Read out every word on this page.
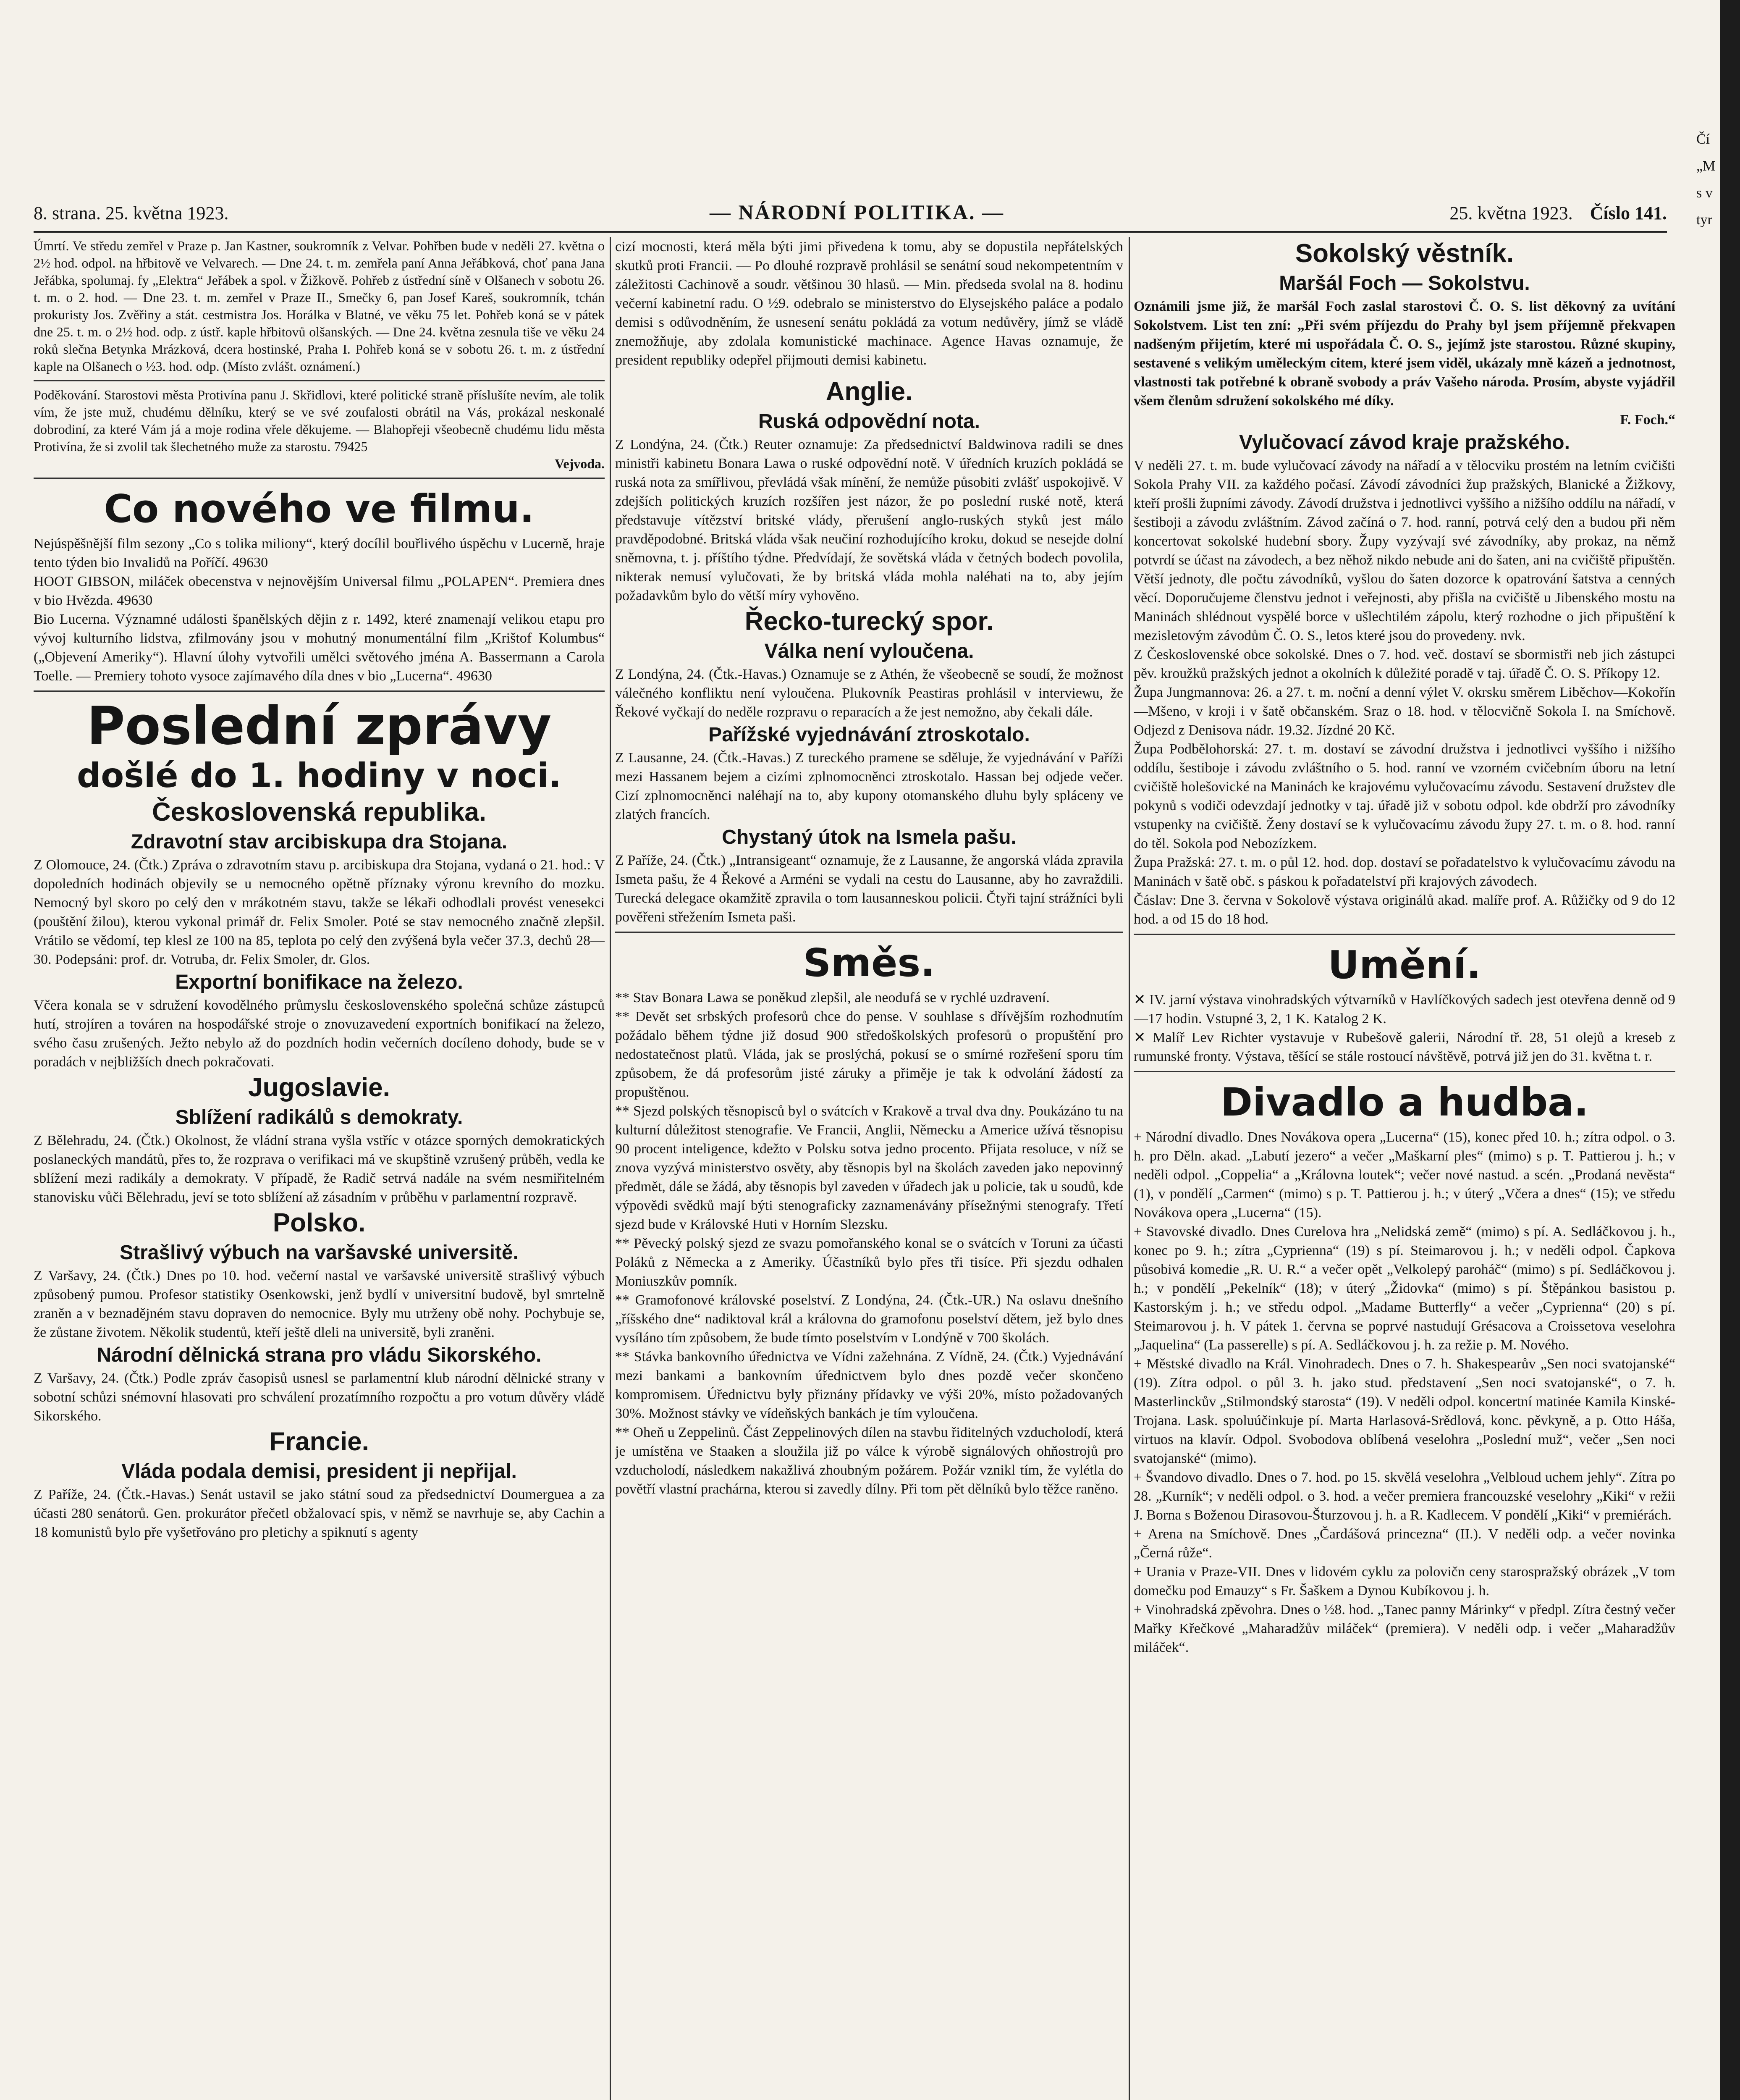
Čí „M s v tyr
8. strana. 25. května 1923.	— NÁRODNÍ POLITIKA. —	25. května 1923. Číslo 141.

Úmrtí. Ve středu zemřel v Praze p. Jan Kastner, soukromník z Velvar. Pohřben bude v neděli 27. května o 2½ hod. odpol. na hřbitově ve Velvarech. — Dne 24. t. m. zemřela paní Anna Jeřábková, choť pana Jana Jeřábka, spolumaj. fy „Elektra“ Jeřábek a spol. v Žižkově. Pohřeb z ústřední síně v Olšanech v sobotu 26. t. m. o 2. hod. — Dne 23. t. m. zemřel v Praze II., Smečky 6, pan Josef Kareš, soukromník, tchán prokuristy Jos. Zvěřiny a stát. cestmistra Jos. Horálka v Blatné, ve věku 75 let. Pohřeb koná se v pátek dne 25. t. m. o 2½ hod. odp. z ústř. kaple hřbitovů olšanských. — Dne 24. května zesnula tiše ve věku 24 roků slečna Betynka Mrázková, dcera hostinské, Praha I. Pohřeb koná se v sobotu 26. t. m. z ústřední kaple na Olšanech o ½3. hod. odp. (Místo zvlášt. oznámení.)

Poděkování. Starostovi města Protivína panu J. Skřidlovi, které politické straně příslušíte nevím, ale tolik vím, že jste muž, chudému dělníku, který se ve své zoufalosti obrátil na Vás, prokázal neskonalé dobrodiní, za které Vám já a moje rodina vřele děkujeme. — Blahopřeji všeobecně chudému lidu města Protivína, že si zvolil tak šlechetného muže za starostu. 79425

Vejvoda.

Co nového ve filmu.

Nejúspěšnější film sezony „Co s tolika miliony“, který docílil bouřlivého úspěchu v Lucerně, hraje tento týden bio Invalidů na Poříčí. 49630

HOOT GIBSON, miláček obecenstva v nejnovějším Universal filmu „POLAPEN“. Premiera dnes v bio Hvězda. 49630

Bio Lucerna. Významné události španělských dějin z r. 1492, které znamenají velikou etapu pro vývoj kulturního lidstva, zfilmovány jsou v mohutný monumentální film „Krištof Kolumbus“ („Objevení Ameriky“). Hlavní úlohy vytvořili umělci světového jména A. Bassermann a Carola Toelle. — Premiery tohoto vysoce zajímavého díla dnes v bio „Lucerna“. 49630

Poslední zprávy
došlé do 1. hodiny v noci.
Československá republika.
Zdravotní stav arcibiskupa dra Stojana.

Z Olomouce, 24. (Čtk.) Zpráva o zdravotním stavu p. arcibiskupa dra Stojana, vydaná o 21. hod.: V dopoledních hodinách objevily se u nemocného opětně příznaky výronu krevního do mozku. Nemocný byl skoro po celý den v mrákotném stavu, takže se lékaři odhodlali provést venesekci (pouštění žilou), kterou vykonal primář dr. Felix Smoler. Poté se stav nemocného značně zlepšil. Vrátilo se vědomí, tep klesl ze 100 na 85, teplota po celý den zvýšená byla večer 37.3, dechů 28—30. Podepsáni: prof. dr. Votruba, dr. Felix Smoler, dr. Glos.

Exportní bonifikace na železo.

Včera konala se v sdružení kovodělného průmyslu československého společná schůze zástupců hutí, strojíren a továren na hospodářské stroje o znovuzavedení exportních bonifikací na železo, svého času zrušených. Ježto nebylo až do pozdních hodin večerních docíleno dohody, bude se v poradách v nejbližších dnech pokračovati.

Jugoslavie.
Sblížení radikálů s demokraty.

Z Bělehradu, 24. (Čtk.) Okolnost, že vládní strana vyšla vstříc v otázce sporných demokratických poslaneckých mandátů, přes to, že rozprava o verifikaci má ve skupštině vzrušený průběh, vedla ke sblížení mezi radikály a demokraty. V případě, že Radič setrvá nadále na svém nesmiřitelném stanovisku vůči Bělehradu, jeví se toto sblížení až zásadním v průběhu v parlamentní rozpravě.

Polsko.
Strašlivý výbuch na varšavské universitě.

Z Varšavy, 24. (Čtk.) Dnes po 10. hod. večerní nastal ve varšavské universitě strašlivý výbuch způsobený pumou. Profesor statistiky Osenkowski, jenž bydlí v universitní budově, byl smrtelně zraněn a v beznadějném stavu dopraven do nemocnice. Byly mu utrženy obě nohy. Pochybuje se, že zůstane životem. Několik studentů, kteří ještě dleli na universitě, byli zraněni.

Národní dělnická strana pro vládu Sikorského.

Z Varšavy, 24. (Čtk.) Podle zpráv časopisů usnesl se parlamentní klub národní dělnické strany v sobotní schůzi snémovní hlasovati pro schválení prozatímního rozpočtu a pro votum důvěry vládě Sikorského.

Francie.
Vláda podala demisi, president ji nepřijal.

Z Paříže, 24. (Čtk.-Havas.) Senát ustavil se jako státní soud za předsednictví Doumerguea a za účasti 280 senátorů. Gen. prokurátor přečetl obžalovací spis, v němž se navrhuje se, aby Cachin a 18 komunistů bylo pře vyšetřováno pro pletichy a spiknutí s agenty

cizí mocnosti, která měla býti jimi přivedena k tomu, aby se dopustila nepřátelských skutků proti Francii. — Po dlouhé rozpravě prohlásil se senátní soud nekompetentním v záležitosti Cachinově a soudr. většinou 30 hlasů. — Min. předseda svolal na 8. hodinu večerní kabinetní radu. O ½9. odebralo se ministerstvo do Elysejského paláce a podalo demisi s odůvodněním, že usnesení senátu pokládá za votum nedůvěry, jímž se vládě znemožňuje, aby zdolala komunistické machinace. Agence Havas oznamuje, že president republiky odepřel přijmouti demisi kabinetu.

Anglie.
Ruská odpovědní nota.

Z Londýna, 24. (Čtk.) Reuter oznamuje: Za předsednictví Baldwinova radili se dnes ministři kabinetu Bonara Lawa o ruské odpovědní notě. V úředních kruzích pokládá se ruská nota za smířlivou, převládá však mínění, že nemůže působiti zvlášť uspokojivě. V zdejších politických kruzích rozšířen jest názor, že po poslední ruské notě, která představuje vítězství britské vlády, přerušení anglo-ruských styků jest málo pravděpodobné. Britská vláda však neučiní rozhodujícího kroku, dokud se nesejde dolní sněmovna, t. j. příštího týdne. Předvídají, že sovětská vláda v četných bodech povolila, nikterak nemusí vylučovati, že by britská vláda mohla naléhati na to, aby jejím požadavkům bylo do větší míry vyhověno.

Řecko-turecký spor.
Válka není vyloučena.

Z Londýna, 24. (Čtk.-Havas.) Oznamuje se z Athén, že všeobecně se soudí, že možnost válečného konfliktu není vyloučena. Plukovník Peastiras prohlásil v interviewu, že Řekové vyčkají do neděle rozpravu o reparacích a že jest nemožno, aby čekali dále.

Pařížské vyjednávání ztroskotalo.

Z Lausanne, 24. (Čtk.-Havas.) Z tureckého pramene se sděluje, že vyjednávání v Paříži mezi Hassanem bejem a cizími zplnomocněnci ztroskotalo. Hassan bej odjede večer. Cizí zplnomocněnci naléhají na to, aby kupony otomanského dluhu byly spláceny ve zlatých francích.

Chystaný útok na Ismela pašu.

Z Paříže, 24. (Čtk.) „Intransigeant“ oznamuje, že z Lausanne, že angorská vláda zpravila Ismeta pašu, že 4 Řekové a Arméni se vydali na cestu do Lausanne, aby ho zavraždili. Turecká delegace okamžitě zpravila o tom lausanneskou policii. Čtyři tajní strážníci byli pověřeni střežením Ismeta paši.

Směs.

** Stav Bonara Lawa se poněkud zlepšil, ale neodufá se v rychlé uzdravení.

** Devět set srbských profesorů chce do pense. V souhlase s dřívějším rozhodnutím požádalo během týdne již dosud 900 středoškolských profesorů o propuštění pro nedostatečnost platů. Vláda, jak se proslýchá, pokusí se o smírné rozřešení sporu tím způsobem, že dá profesorům jisté záruky a přiměje je tak k odvolání žádostí za propuštěnou.

** Sjezd polských těsnopisců byl o svátcích v Krakově a trval dva dny. Poukázáno tu na kulturní důležitost stenografie. Ve Francii, Anglii, Německu a Americe užívá těsnopisu 90 procent inteligence, kdežto v Polsku sotva jedno procento. Přijata resoluce, v níž se znova vyzývá ministerstvo osvěty, aby těsnopis byl na školách zaveden jako nepovinný předmět, dále se žádá, aby těsnopis byl zaveden v úřadech jak u policie, tak u soudů, kde výpovědi svědků mají býti stenograficky zaznamenávány přísežnými stenografy. Třetí sjezd bude v Královské Huti v Horním Slezsku.

** Pěvecký polský sjezd ze svazu pomořanského konal se o svátcích v Toruni za účasti Poláků z Německa a z Ameriky. Účastníků bylo přes tři tisíce. Při sjezdu odhalen Moniuszkův pomník.

** Gramofonové královské poselství. Z Londýna, 24. (Čtk.-UR.) Na oslavu dnešního „říšského dne“ nadiktoval král a královna do gramofonu poselství dětem, jež bylo dnes vysíláno tím způsobem, že bude tímto poselstvím v Londýně v 700 školách.

** Stávka bankovního úřednictva ve Vídni zažehnána. Z Vídně, 24. (Čtk.) Vyjednávání mezi bankami a bankovním úřednictvem bylo dnes pozdě večer skončeno kompromisem. Úřednictvu byly přiznány přídavky ve výši 20%, místo požadovaných 30%. Možnost stávky ve vídeňských bankách je tím vyloučena.

** Oheň u Zeppelinů. Část Zeppelinových dílen na stavbu řiditelných vzducholodí, která je umístěna ve Staaken a sloužila již po válce k výrobě signálových ohňostrojů pro vzducholodí, následkem nakažlivá zhoubným požárem. Požár vznikl tím, že vylétla do povětří vlastní prachárna, kterou si zavedly dílny. Při tom pět dělníků bylo těžce raněno.

Sokolský věstník.
Maršál Foch — Sokolstvu.

Oznámili jsme již, že maršál Foch zaslal starostovi Č. O. S. list děkovný za uvítání Sokolstvem. List ten zní: „Při svém příjezdu do Prahy byl jsem příjemně překvapen nadšeným přijetím, které mi uspořádala Č. O. S., jejímž jste starostou. Různé skupiny, sestavené s velikým uměleckým citem, které jsem viděl, ukázaly mně kázeň a jednotnost, vlastnosti tak potřebné k obraně svobody a práv Vašeho národa. Prosím, abyste vyjádřil všem členům sdružení sokolského mé díky.

F. Foch.“

Vylučovací závod kraje pražského.

V neděli 27. t. m. bude vylučovací závody na nářadí a v tělocviku prostém na letním cvičišti Sokola Prahy VII. za každého počasí. Závodí závodníci žup pražských, Blanické a Žižkovy, kteří prošli župními závody. Závodí družstva i jednotlivci vyššího a nižšího oddílu na nářadí, v šestiboji a závodu zvláštním. Závod začíná o 7. hod. ranní, potrvá celý den a budou při něm koncertovat sokolské hudební sbory. Župy vyzývají své závodníky, aby prokaz, na němž potvrdí se účast na závodech, a bez něhož nikdo nebude ani do šaten, ani na cvičiště připuštěn. Větší jednoty, dle počtu závodníků, vyšlou do šaten dozorce k opatrování šatstva a cenných věcí. Doporučujeme členstvu jednot i veřejnosti, aby přišla na cvičiště u Jibenského mostu na Maninách shlédnout vyspělé borce v ušlechtilém zápolu, který rozhodne o jich připuštění k mezisletovým závodům Č. O. S., letos které jsou do provedeny. nvk.

Z Československé obce sokolské. Dnes o 7. hod. več. dostaví se sbormistři neb jich zástupci pěv. kroužků pražských jednot a okolních k důležité poradě v taj. úřadě Č. O. S. Příkopy 12.

Župa Jungmannova: 26. a 27. t. m. noční a denní výlet V. okrsku směrem Liběchov—Kokořín—Mšeno, v kroji i v šatě občanském. Sraz o 18. hod. v tělocvičně Sokola I. na Smíchově. Odjezd z Denisova nádr. 19.32. Jízdné 20 Kč.

Župa Podbělohorská: 27. t. m. dostaví se závodní družstva i jednotlivci vyššího i nižšího oddílu, šestiboje i závodu zvláštního o 5. hod. ranní ve vzorném cvičebním úboru na letní cvičiště holešovické na Maninách ke krajovému vylučovacímu závodu. Sestavení družstev dle pokynů s vodiči odevzdají jednotky v taj. úřadě již v sobotu odpol. kde obdrží pro závodníky vstupenky na cvičiště. Ženy dostaví se k vylučovacímu závodu župy 27. t. m. o 8. hod. ranní do těl. Sokola pod Nebozízkem.

Župa Pražská: 27. t. m. o půl 12. hod. dop. dostaví se pořadatelstvo k vylučovacímu závodu na Maninách v šatě obč. s páskou k pořadatelství při krajových závodech.

Čáslav: Dne 3. června v Sokolově výstava originálů akad. malíře prof. A. Růžičky od 9 do 12 hod. a od 15 do 18 hod.

Umění.

✕ IV. jarní výstava vinohradských výtvarníků v Havlíčkových sadech jest otevřena denně od 9—17 hodin. Vstupné 3, 2, 1 K. Katalog 2 K.

✕ Malíř Lev Richter vystavuje v Rubešově galerii, Národní tř. 28, 51 olejů a kreseb z rumunské fronty. Výstava, těšící se stále rostoucí návštěvě, potrvá již jen do 31. května t. r.

Divadlo a hudba.

+ Národní divadlo. Dnes Novákova opera „Lucerna“ (15), konec před 10. h.; zítra odpol. o 3. h. pro Děln. akad. „Labutí jezero“ a večer „Maškarní ples“ (mimo) s p. T. Pattierou j. h.; v neděli odpol. „Coppelia“ a „Královna loutek“; večer nové nastud. a scén. „Prodaná nevěsta“ (1), v pondělí „Carmen“ (mimo) s p. T. Pattierou j. h.; v úterý „Včera a dnes“ (15); ve středu Novákova opera „Lucerna“ (15).

+ Stavovské divadlo. Dnes Curelova hra „Nelidská země“ (mimo) s pí. A. Sedláčkovou j. h., konec po 9. h.; zítra „Cyprienna“ (19) s pí. Steimarovou j. h.; v neděli odpol. Čapkova působivá komedie „R. U. R.“ a večer opět „Velkolepý paroháč“ (mimo) s pí. Sedláčkovou j. h.; v pondělí „Pekelník“ (18); v úterý „Židovka“ (mimo) s pí. Štěpánkou basistou p. Kastorským j. h.; ve středu odpol. „Madame Butterfly“ a večer „Cyprienna“ (20) s pí. Steimarovou j. h. V pátek 1. června se poprvé nastudují Grésacova a Croissetova veselohra „Jaquelina“ (La passerelle) s pí. A. Sedláčkovou j. h. za režie p. M. Nového.

+ Městské divadlo na Král. Vinohradech. Dnes o 7. h. Shakespearův „Sen noci svatojanské“ (19). Zítra odpol. o půl 3. h. jako stud. představení „Sen noci svatojanské“, o 7. h. Masterlinckův „Stilmondský starosta“ (19). V neděli odpol. koncertní matinée Kamila Kinské-Trojana. Lask. spoluúčinkuje pí. Marta Harlasová-Srědlová, konc. pěvkyně, a p. Otto Háša, virtuos na klavír. Odpol. Svobodova oblíbená veselohra „Poslední muž“, večer „Sen noci svatojanské“ (mimo).

+ Švandovo divadlo. Dnes o 7. hod. po 15. skvělá veselohra „Velbloud uchem jehly“. Zítra po 28. „Kurník“; v neděli odpol. o 3. hod. a večer premiera francouzské veselohry „Kiki“ v režii J. Borna s Boženou Dirasovou-Šturzovou j. h. a R. Kadlecem. V pondělí „Kiki“ v premiérách.

+ Arena na Smíchově. Dnes „Čardášová princezna“ (II.). V neděli odp. a večer novinka „Černá růže“.

+ Urania v Praze-VII. Dnes v lidovém cyklu za polovičn ceny starospražský obrázek „V tom domečku pod Emauzy“ s Fr. Šaškem a Dynou Kubíkovou j. h.

+ Vinohradská zpěvohra. Dnes o ½8. hod. „Tanec panny Márinky“ v předpl. Zítra čestný večer Mařky Křečkové „Maharadžův miláček“ (premiera). V neděli odp. i večer „Maharadžův miláček“.
